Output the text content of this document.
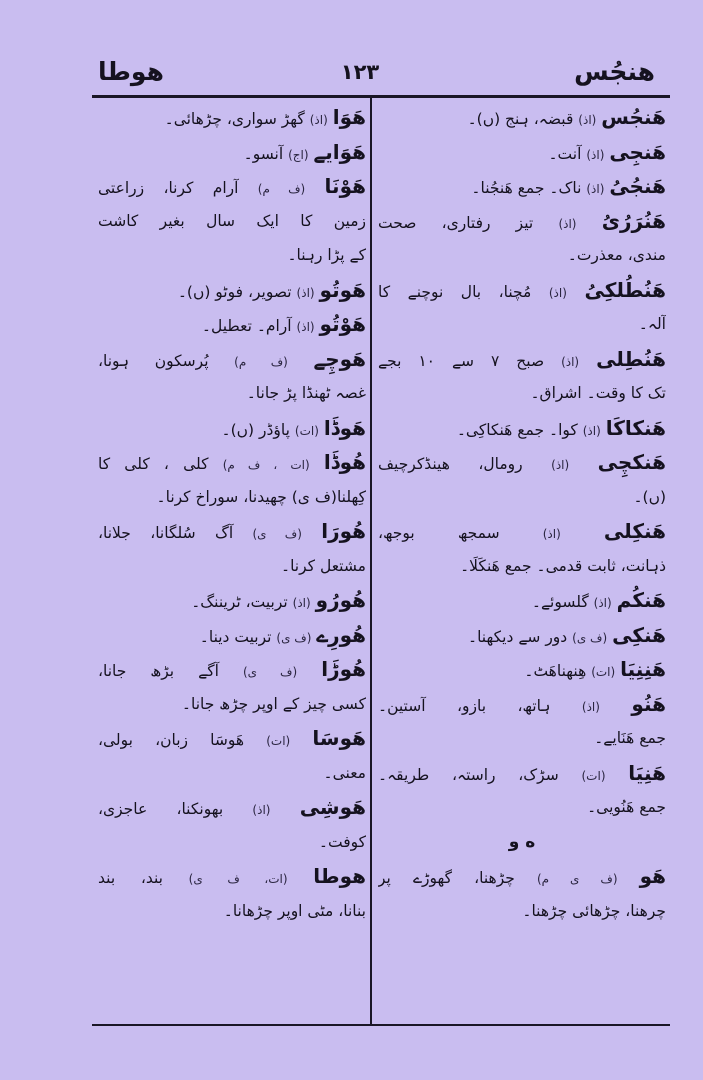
هنجُس
۱۲۳
هوطا
هَنجُس (اذ) قبضہ، ہنج (ں)۔
هَنجِی (اذ) آنت۔
هَنجُیُ (اذ) ناک۔ جمع هَنجُنا۔
هَنُرَرُیُ (اذ) تیز رفتاری، صحت
مندی، معذرت۔
هَنُطُلکِیُ (اذ) مُچنا، بال نوچنے کا
آلہ۔
هَنُطِلی (اذ) صبح ۷ سے ۱۰ بجے
تک کا وقت۔ اشراق۔
هَنکاکَا (اذ) کوا۔ جمع هَنکاکِی۔
هَنکچِی (اذ) رومال، هینڈکرچیف
(ں)۔
هَنکِلی (اذ) سمجھ بوجھ،
ذہانت، ثابت قدمی۔ جمع هَنکَلَا۔
هَنکُم (اذ) گلسوئے۔
هَنکِی (ف ی) دور سے دیکھنا۔
هَنِنِیَا (ات) هِنهناهَٹ۔
هَنُو (اذ) ہاتھ، بازو، آستین۔
جمع هَنَایے۔
هَنِیَا (ات) سڑک، راستہ، طریقہ۔
جمع هَنُویی۔
ه و
هَو (ف ی م) چڑھنا، گھوڑے پر
چرھنا، چڑھائی چڑھنا۔
هَوَا (اذ) گھڑ سواری، چڑھائی۔
هَوَایے (اج) آنسو۔
هَوْنَا (ف م) آرام کرنا، زراعتی
زمین کا ایک سال بغیر کاشت
کے پڑا رہنا۔
هَوتُو (اذ) تصویر، فوٹو (ں)۔
هَوْتُو (اذ) آرام۔ تعطیل۔
هَوچِے (ف م) پُرسکون ہونا،
غصہ ٹھنڈا پڑ جانا۔
هَوڈَا (ات) پاؤڈر (ں)۔
هُوڈَا (ات ، ف م) کلی ، کلی کا
کِھلنا(ف ی) چھیدنا، سوراخ کرنا۔
هُورَا (ف ی) آگ سُلگانا، جلانا،
مشتعل کرنا۔
هُورُو (اذ) تربیت، ٹریننگ۔
هُورِے (ف ی) تربیت دینا۔
هُوڑَا (ف ی) آگے بڑھ جانا،
کسی چیز کے اوپر چڑھ جانا۔
هَوسَا (ات) هَوسَا زبان، بولی،
معنی۔
هَوشِی (اذ) بھونکنا، عاجزی،
کوفت۔
هوطا (ات، ف ی) بند، بند
بنانا، مٹی اوپر چڑھانا۔
